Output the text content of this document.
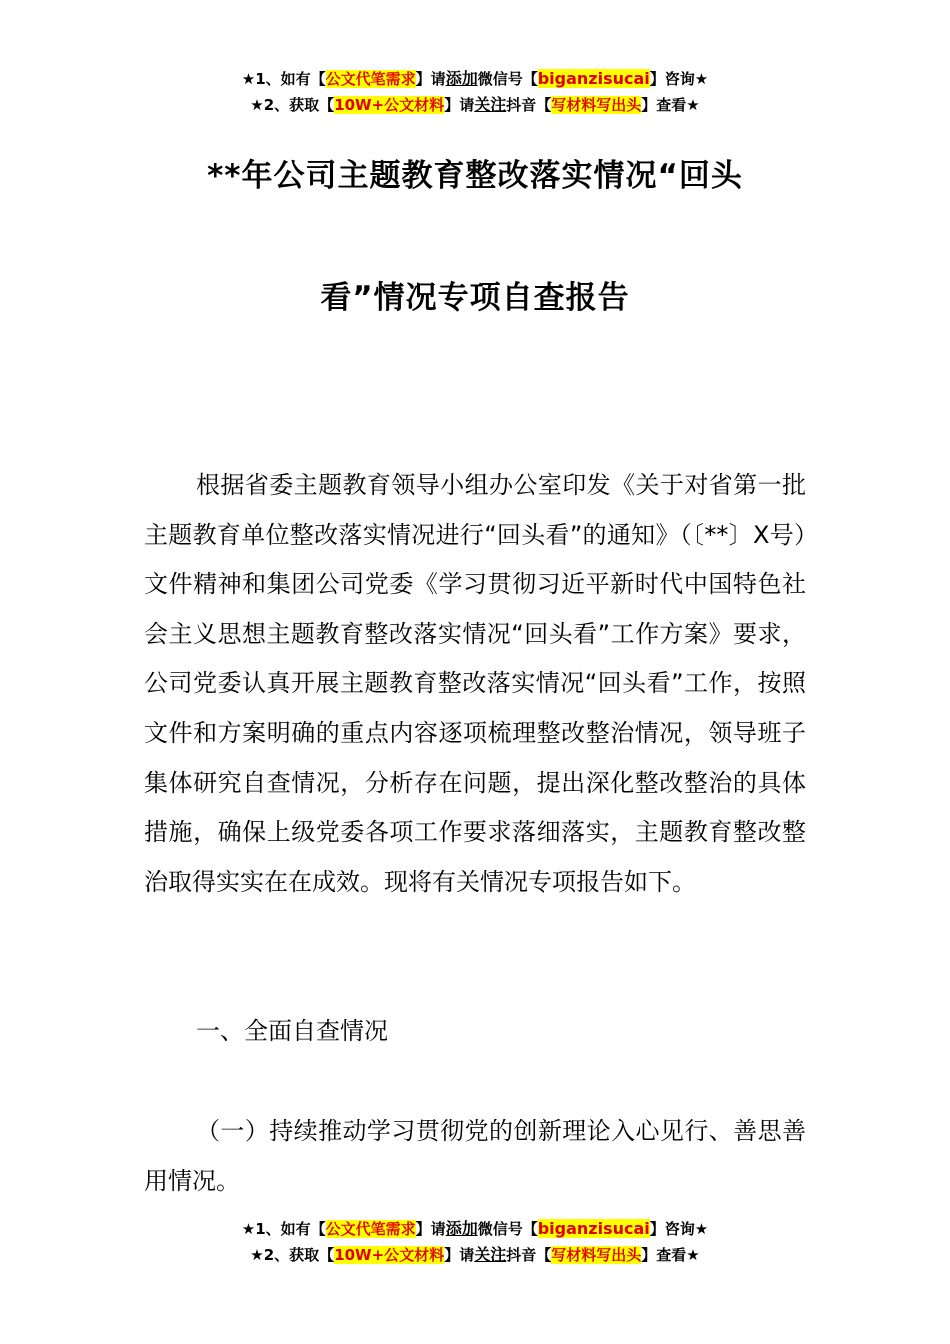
★1、如有【公文代笔需求】请添加微信号【biganzisucai】咨询★
★2、获取【10W+公文材料】请关注抖音【写材料写出头】查看★
**年公司主题教育整改落实情况“回头
看”情况专项自查报告

根据省委主题教育领导小组办公室印发《关于对省第一批主题教育单位整改落实情况进行“回头看”的通知》（〔**〕X号）文件精神和集团公司党委《学习贯彻习近平新时代中国特色社会主义思想主题教育整改落实情况“回头看”工作方案》要求，公司党委认真开展主题教育整改落实情况“回头看”工作，按照文件和方案明确的重点内容逐项梳理整改整治情况，领导班子集体研究自查情况，分析存在问题，提出深化整改整治的具体措施，确保上级党委各项工作要求落细落实，主题教育整改整治取得实实在在成效。现将有关情况专项报告如下。

一、全面自查情况

（一）持续推动学习贯彻党的创新理论入心见行、善思善用情况。

★1、如有【公文代笔需求】请添加微信号【biganzisucai】咨询★
★2、获取【10W+公文材料】请关注抖音【写材料写出头】查看★
